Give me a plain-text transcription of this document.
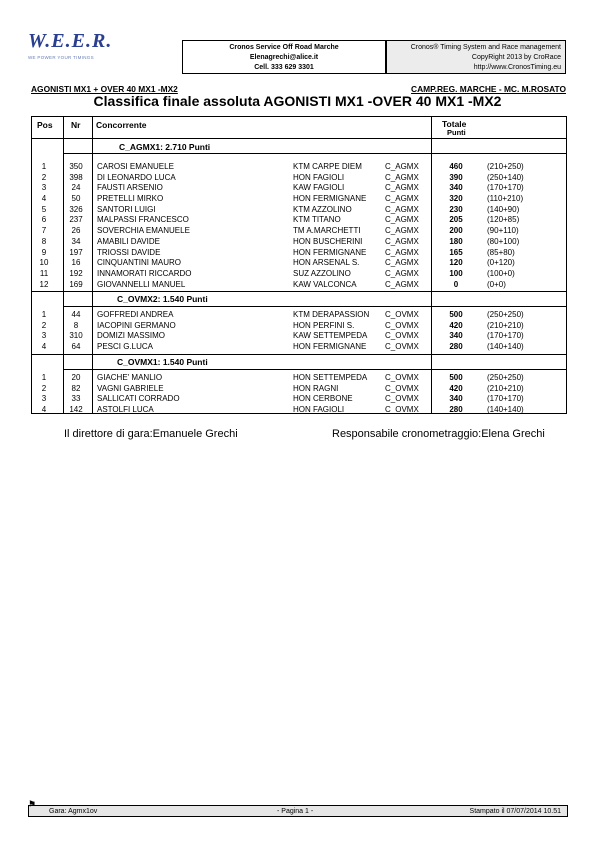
W.E.E.R.
WE POWER YOUR TIMINGS
Cronos Service Off Road Marche
Elenagrechi@alice.it
Cell. 333 629 3301
Cronos® Timing System and Race management
CopyRight 2013 by CroRace
http://www.CronosTiming.eu
AGONISTI MX1 + OVER 40 MX1 -MX2	CAMP.REG. MARCHE - MC. M.ROSATO
Classifica finale assoluta AGONISTI MX1 -OVER 40 MX1 -MX2
Pos Nr Concorrente	Totale
Punti
C_AGMX1: 2.710 Punti
1	350	CAROSI EMANUELE	KTM CARPE DIEM	C_AGMX	460	(210+250)
2	398	DI LEONARDO LUCA	HON FAGIOLI	C_AGMX	390	(250+140)
3	24	FAUSTI ARSENIO	KAW FAGIOLI	C_AGMX	340	(170+170)
4	50	PRETELLI MIRKO	HON FERMIGNANE C_AGMX	320	(110+210)
5	326	SANTORI LUIGI	KTM AZZOLINO	C_AGMX	230	(140+90)
6	237	MALPASSI FRANCESCO	KTM TITANO	C_AGMX	205	(120+85)
7	26	SOVERCHIA EMANUELE	TM A.MARCHETTI	C_AGMX	200	(90+110)
8	34	AMABILI DAVIDE	HON BUSCHERINI	C_AGMX	180	(80+100)
9	197	TRIOSSI DAVIDE	HON FERMIGNANE C_AGMX	165	(85+80)
10	16	CINQUANTINI MAURO	HON ARSENAL S.	C_AGMX	120	(0+120)
11	192	INNAMORATI RICCARDO	SUZ AZZOLINO	C_AGMX	100	(100+0)
12	169	GIOVANNELLI MANUEL	KAW VALCONCA	C_AGMX	0	(0+0)
C_OVMX2: 1.540 Punti
1	44	GOFFREDI ANDREA	KTM DERAPASSION C_OVMX	500	(250+250)
2	8	IACOPINI GERMANO	HON PERFINI S.	C_OVMX	420	(210+210)
3	310	DOMIZI MASSIMO	KAW SETTEMPEDA C_OVMX	340	(170+170)
4	64	PESCI G.LUCA	HON FERMIGNANE C_OVMX	280	(140+140)
C_OVMX1: 1.540 Punti
1	20	GIACHE' MANLIO	HON SETTEMPEDA C_OVMX	500	(250+250)
2	82	VAGNI GABRIELE	HON RAGNI	C_OVMX	420	(210+210)
3	33	SALLICATI CORRADO	HON CERBONE	C_OVMX	340	(170+170)
4	142	ASTOLFI LUCA	HON FAGIOLI	C_OVMX	280	(140+140)
Il direttore di gara:Emanuele Grechi	Responsabile cronometraggio:Elena Grechi
Gara: Agmx1ov	- Pagina 1 -	Stampato il 07/07/2014 10.51
⚑
